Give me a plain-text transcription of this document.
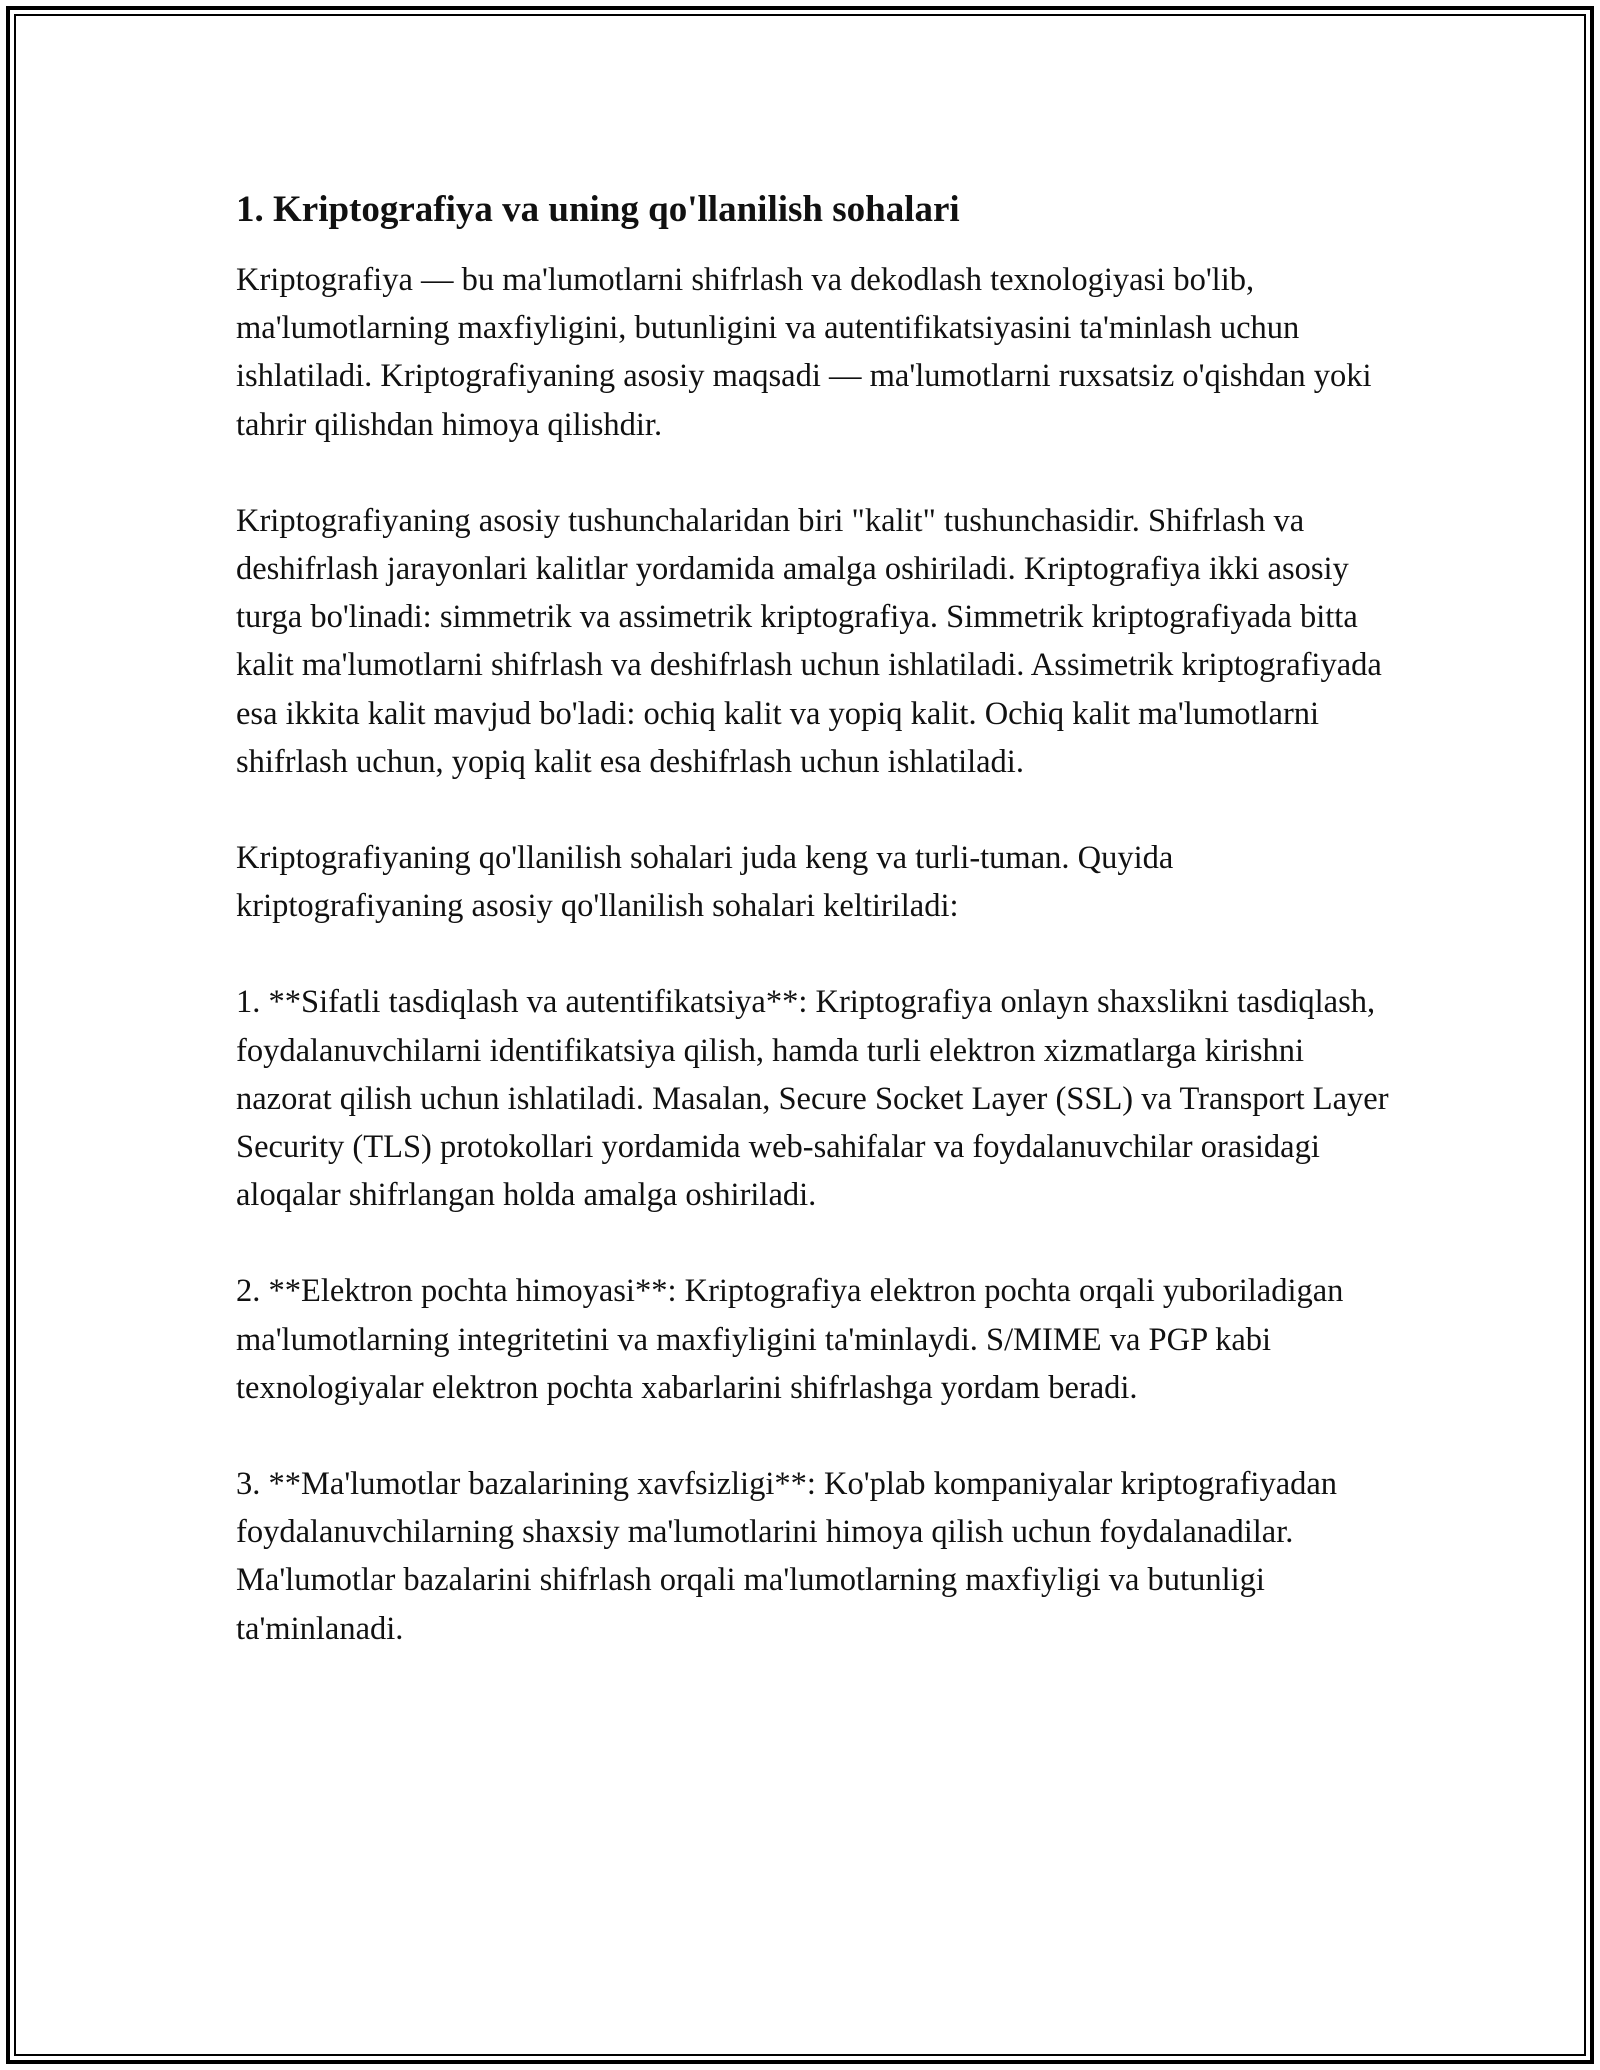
1. Kriptografiya va uning qo'llanilish sohalari

Kriptografiya — bu ma'lumotlarni shifrlash va dekodlash texnologiyasi bo'lib, ma'lumotlarning maxfiyligini, butunligini va autentifikatsiyasini ta'minlash uchun ishlatiladi. Kriptografiyaning asosiy maqsadi — ma'lumotlarni ruxsatsiz o'qishdan yoki tahrir qilishdan himoya qilishdir.

Kriptografiyaning asosiy tushunchalaridan biri "kalit" tushunchasidir. Shifrlash va deshifrlash jarayonlari kalitlar yordamida amalga oshiriladi. Kriptografiya ikki asosiy turga bo'linadi: simmetrik va assimetrik kriptografiya. Simmetrik kriptografiyada bitta kalit ma'lumotlarni shifrlash va deshifrlash uchun ishlatiladi. Assimetrik kriptografiyada esa ikkita kalit mavjud bo'ladi: ochiq kalit va yopiq kalit. Ochiq kalit ma'lumotlarni shifrlash uchun, yopiq kalit esa deshifrlash uchun ishlatiladi.

Kriptografiyaning qo'llanilish sohalari juda keng va turli-tuman. Quyida kriptografiyaning asosiy qo'llanilish sohalari keltiriladi:

1. **Sifatli tasdiqlash va autentifikatsiya**: Kriptografiya onlayn shaxslikni tasdiqlash, foydalanuvchilarni identifikatsiya qilish, hamda turli elektron xizmatlarga kirishni nazorat qilish uchun ishlatiladi. Masalan, Secure Socket Layer (SSL) va Transport Layer Security (TLS) protokollari yordamida web-sahifalar va foydalanuvchilar orasidagi aloqalar shifrlangan holda amalga oshiriladi.

2. **Elektron pochta himoyasi**: Kriptografiya elektron pochta orqali yuboriladigan ma'lumotlarning integritetini va maxfiyligini ta'minlaydi. S/MIME va PGP kabi texnologiyalar elektron pochta xabarlarini shifrlashga yordam beradi.

3. **Ma'lumotlar bazalarining xavfsizligi**: Ko'plab kompaniyalar kriptografiyadan foydalanuvchilarning shaxsiy ma'lumotlarini himoya qilish uchun foydalanadilar. Ma'lumotlar bazalarini shifrlash orqali ma'lumotlarning maxfiyligi va butunligi ta'minlanadi.
